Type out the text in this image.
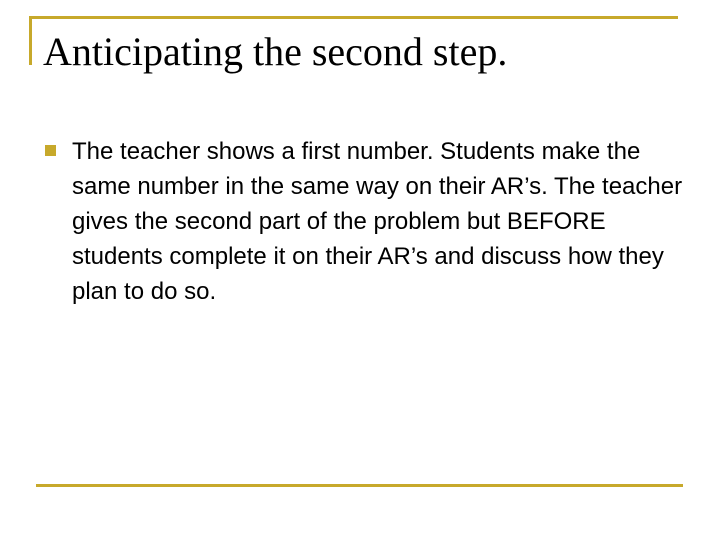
Anticipating the second step.
The teacher shows a first number. Students make the same number in the same way on their AR’s. The teacher gives the second part of the problem but BEFORE students complete it on their AR’s and discuss how they plan to do so.
